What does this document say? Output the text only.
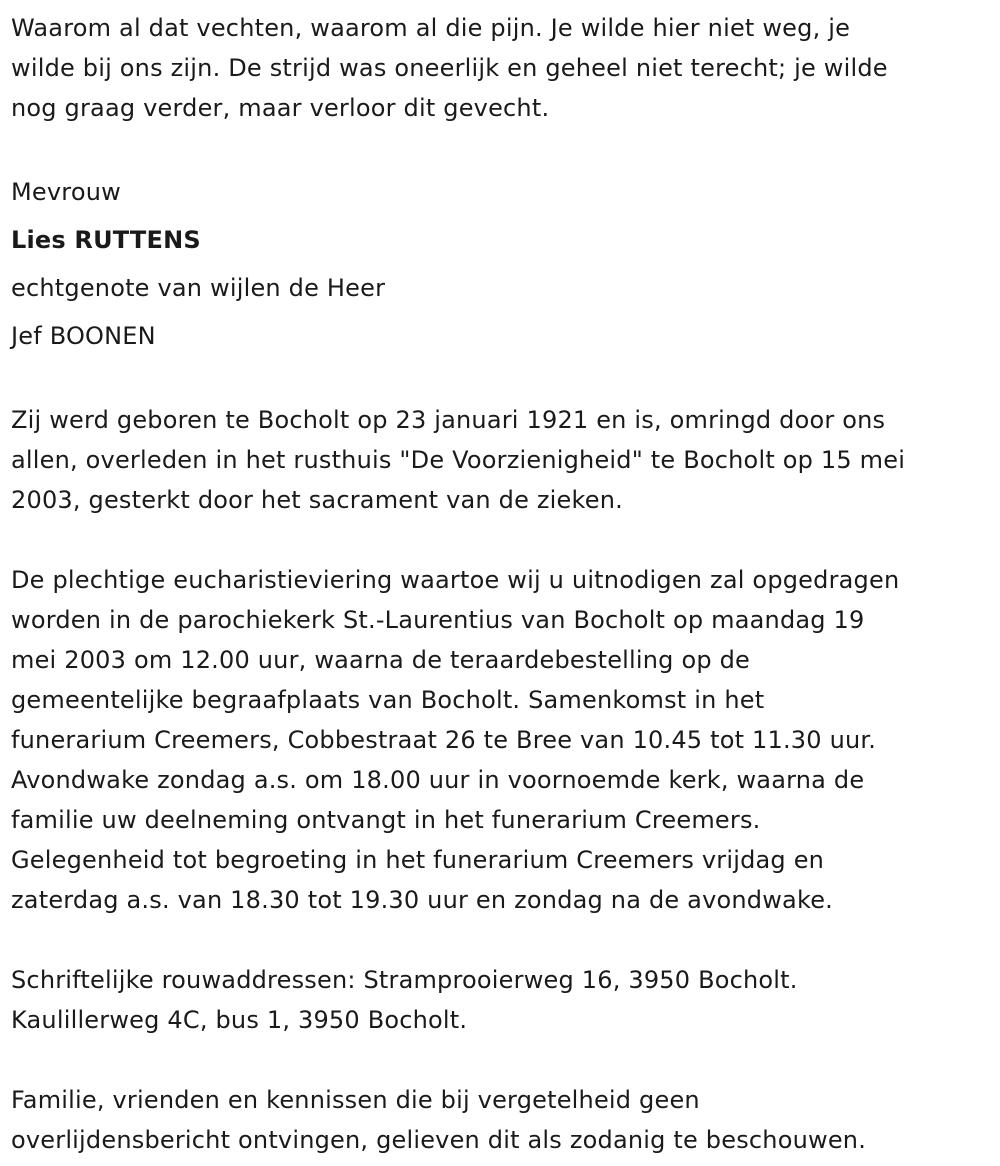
Waarom al dat vechten, waarom al die pijn. Je wilde hier niet weg, je
wilde bij ons zijn. De strijd was oneerlijk en geheel niet terecht; je wilde
nog graag verder, maar verloor dit gevecht.

Mevrouw
Lies RUTTENS
echtgenote van wijlen de Heer
Jef BOONEN

Zij werd geboren te Bocholt op 23 januari 1921 en is, omringd door ons
allen, overleden in het rusthuis "De Voorzienigheid" te Bocholt op 15 mei
2003, gesterkt door het sacrament van de zieken.

De plechtige eucharistieviering waartoe wij u uitnodigen zal opgedragen
worden in de parochiekerk St.-Laurentius van Bocholt op maandag 19
mei 2003 om 12.00 uur, waarna de teraardebestelling op de
gemeentelijke begraafplaats van Bocholt. Samenkomst in het
funerarium Creemers, Cobbestraat 26 te Bree van 10.45 tot 11.30 uur.
Avondwake zondag a.s. om 18.00 uur in voornoemde kerk, waarna de
familie uw deelneming ontvangt in het funerarium Creemers.
Gelegenheid tot begroeting in het funerarium Creemers vrijdag en
zaterdag a.s. van 18.30 tot 19.30 uur en zondag na de avondwake.

Schriftelijke rouwaddressen: Stramprooierweg 16, 3950 Bocholt.
Kaulillerweg 4C, bus 1, 3950 Bocholt.

Familie, vrienden en kennissen die bij vergetelheid geen
overlijdensbericht ontvingen, gelieven dit als zodanig te beschouwen.
